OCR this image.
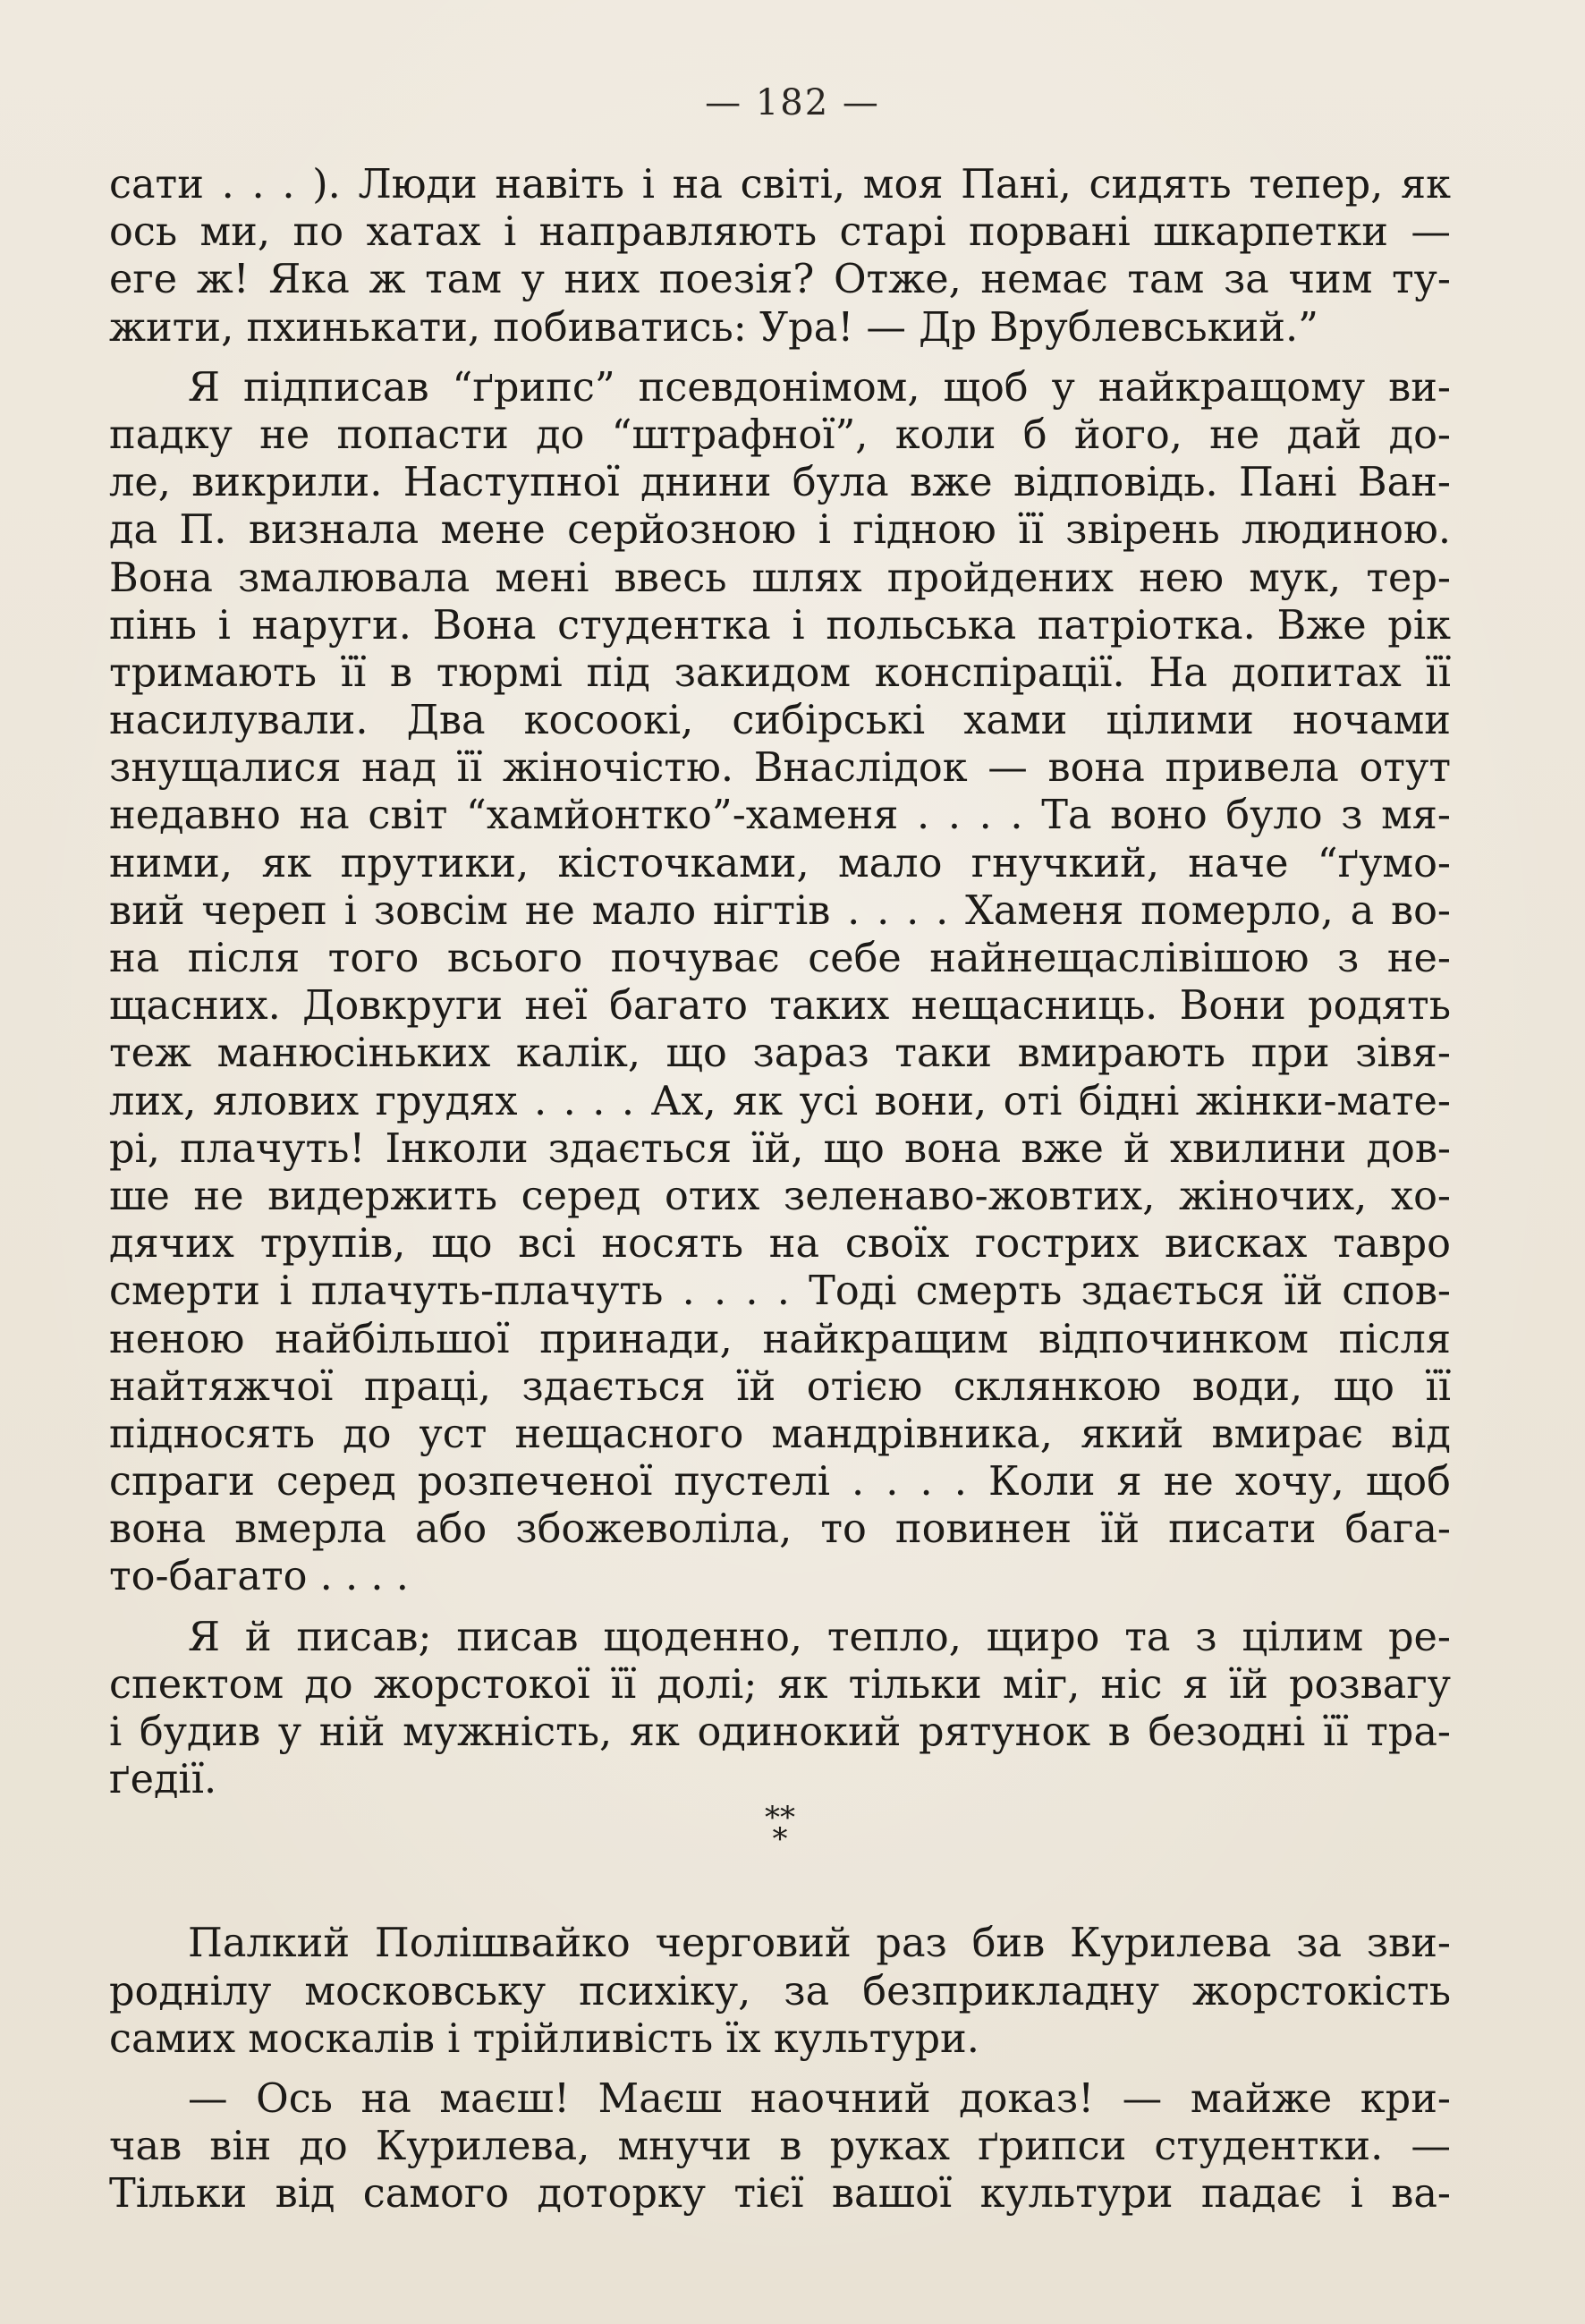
— 182 —
сати . . . ). Люди навіть і на світі, моя Пані, сидять тепер, як
ось ми, по хатах і направляють старі порвані шкарпетки —
еге ж! Яка ж там у них поезія? Отже, немає там за чим ту-
жити, пхинькати, побиватись: Ура! — Др Врублевський.”
Я підписав “ґрипс” псевдонімом, щоб у найкращому ви-
падку не попасти до “штрафної”, коли б його, не дай до-
ле, викрили. Наступної днини була вже відповідь. Пані Ван-
да П. визнала мене серйозною і гідною її звірень людиною.
Вона змалювала мені ввесь шлях пройдених нею мук, тер-
пінь і наруги. Вона студентка і польська патріотка. Вже рік
тримають її в тюрмі під закидом конспірації. На допитах її
насилували. Два косоокі, сибірські хами цілими ночами
знущалися над її жіночістю. Внаслідок — вона привела отут
недавно на світ “хамйонтко”-хаменя . . . . Та воно було з мя-
ними, як прутики, кісточками, мало гнучкий, наче “ґумо-
вий череп і зовсім не мало нігтів . . . . Хаменя померло, а во-
на після того всього почуває себе найнещаслівішою з не-
щасних. Довкруги неї багато таких нещасниць. Вони родять
теж манюсіньких калік, що зараз таки вмирають при зівя-
лих, яловиx грудях . . . . Ах, як усі вони, оті бідні жінки-мате-
рі, плачуть! Інколи здається їй, що вона вже й хвилини дов-
ше не видержить серед отих зеленаво-жовтих, жіночих, хо-
дячих трупів, що всі носять на своїх гострих висках тавро
смерти і плачуть-плачуть . . . . Тоді смерть здається їй спов-
неною найбільшої принади, найкращим відпочинком після
найтяжчої праці, здається їй отією склянкою води, що її
підносять до уст нещасного мандрівника, який вмирає від
спраги серед розпеченої пустелі . . . . Коли я не хочу, щоб
вона вмерла або збожеволіла, то повинен їй писати бага-
то-багато . . . .
Я й писав; писав щоденно, тепло, щиро та з цілим ре-
спектом до жорстокої її долі; як тільки міг, ніс я їй розвагу
і будив у ній мужність, як одинокий рятунок в безодні її тра-
ґедії.
**
*
Палкий Полішвайко черговий раз бив Курилева за зви-
роднілу московську психіку, за безприкладну жорстокість
самих москалів і трійливість їх культури.
— Ось на маєш! Маєш наочний доказ! — майже кри-
чав він до Курилева, мнучи в руках ґрипси студентки. —
Тільки від самого доторку тієї вашої культури падає і ва-
